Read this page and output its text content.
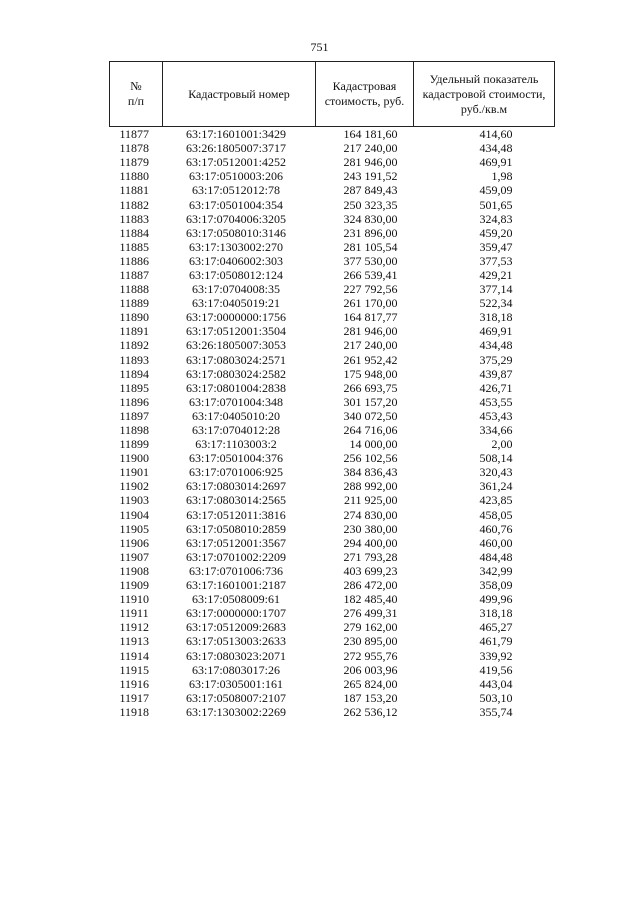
751
№
п/п	Кадастровый номер	Кадастровая стоимость, руб.	Удельный показатель кадастровой стоимости, руб./кв.м
11877	63:17:1601001:3429	164 181,60	414,60
11878	63:26:1805007:3717	217 240,00	434,48
11879	63:17:0512001:4252	281 946,00	469,91
11880	63:17:0510003:206	243 191,52	1,98
11881	63:17:0512012:78	287 849,43	459,09
11882	63:17:0501004:354	250 323,35	501,65
11883	63:17:0704006:3205	324 830,00	324,83
11884	63:17:0508010:3146	231 896,00	459,20
11885	63:17:1303002:270	281 105,54	359,47
11886	63:17:0406002:303	377 530,00	377,53
11887	63:17:0508012:124	266 539,41	429,21
11888	63:17:0704008:35	227 792,56	377,14
11889	63:17:0405019:21	261 170,00	522,34
11890	63:17:0000000:1756	164 817,77	318,18
11891	63:17:0512001:3504	281 946,00	469,91
11892	63:26:1805007:3053	217 240,00	434,48
11893	63:17:0803024:2571	261 952,42	375,29
11894	63:17:0803024:2582	175 948,00	439,87
11895	63:17:0801004:2838	266 693,75	426,71
11896	63:17:0701004:348	301 157,20	453,55
11897	63:17:0405010:20	340 072,50	453,43
11898	63:17:0704012:28	264 716,06	334,66
11899	63:17:1103003:2	14 000,00	2,00
11900	63:17:0501004:376	256 102,56	508,14
11901	63:17:0701006:925	384 836,43	320,43
11902	63:17:0803014:2697	288 992,00	361,24
11903	63:17:0803014:2565	211 925,00	423,85
11904	63:17:0512011:3816	274 830,00	458,05
11905	63:17:0508010:2859	230 380,00	460,76
11906	63:17:0512001:3567	294 400,00	460,00
11907	63:17:0701002:2209	271 793,28	484,48
11908	63:17:0701006:736	403 699,23	342,99
11909	63:17:1601001:2187	286 472,00	358,09
11910	63:17:0508009:61	182 485,40	499,96
11911	63:17:0000000:1707	276 499,31	318,18
11912	63:17:0512009:2683	279 162,00	465,27
11913	63:17:0513003:2633	230 895,00	461,79
11914	63:17:0803023:2071	272 955,76	339,92
11915	63:17:0803017:26	206 003,96	419,56
11916	63:17:0305001:161	265 824,00	443,04
11917	63:17:0508007:2107	187 153,20	503,10
11918	63:17:1303002:2269	262 536,12	355,74
